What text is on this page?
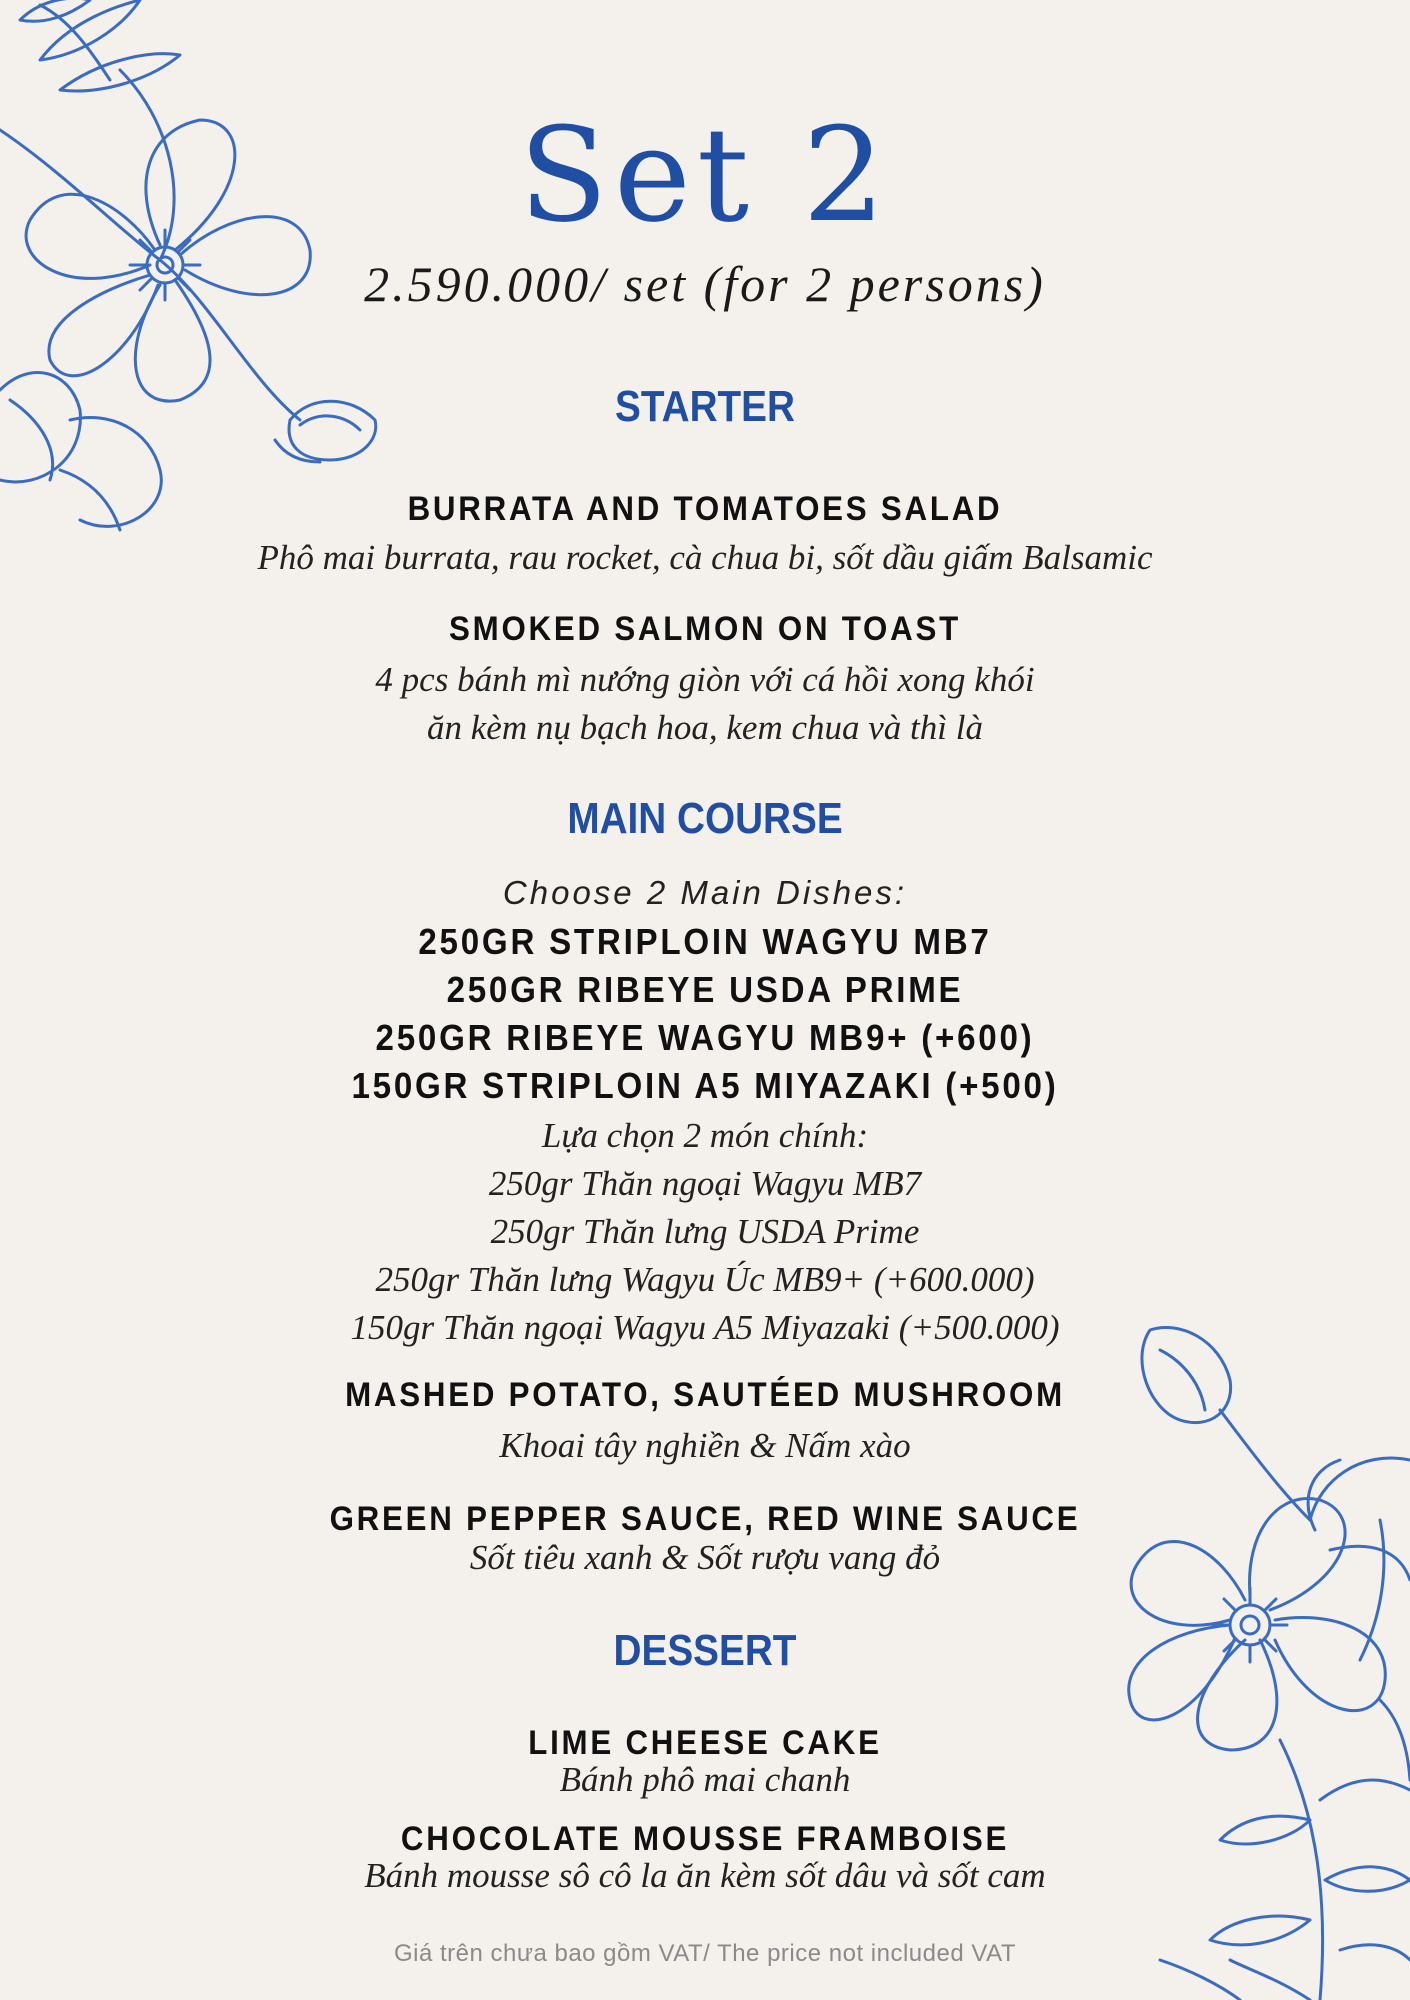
Set 2
2.590.000/ set (for 2 persons)
STARTER
BURRATA AND TOMATOES SALAD
Phô mai burrata, rau rocket, cà chua bi, sốt dầu giấm Balsamic
SMOKED SALMON ON TOAST
4 pcs bánh mì nướng giòn với cá hồi xong khói
ăn kèm nụ bạch hoa, kem chua và thì là
MAIN COURSE
Choose 2 Main Dishes:
250GR STRIPLOIN WAGYU MB7
250GR RIBEYE USDA PRIME
250GR RIBEYE WAGYU MB9+ (+600)
150GR STRIPLOIN A5 MIYAZAKI (+500)
Lựa chọn 2 món chính:
250gr Thăn ngoại Wagyu MB7
250gr Thăn lưng USDA Prime
250gr Thăn lưng Wagyu Úc MB9+ (+600.000)
150gr Thăn ngoại Wagyu A5 Miyazaki (+500.000)
MASHED POTATO, SAUTÉED MUSHROOM
Khoai tây nghiền & Nấm xào
GREEN PEPPER SAUCE, RED WINE SAUCE
Sốt tiêu xanh & Sốt rượu vang đỏ
DESSERT
LIME CHEESE CAKE
Bánh phô mai chanh
CHOCOLATE MOUSSE FRAMBOISE
Bánh mousse sô cô la ăn kèm sốt dâu và sốt cam
Giá trên chưa bao gồm VAT/ The price not included VAT
